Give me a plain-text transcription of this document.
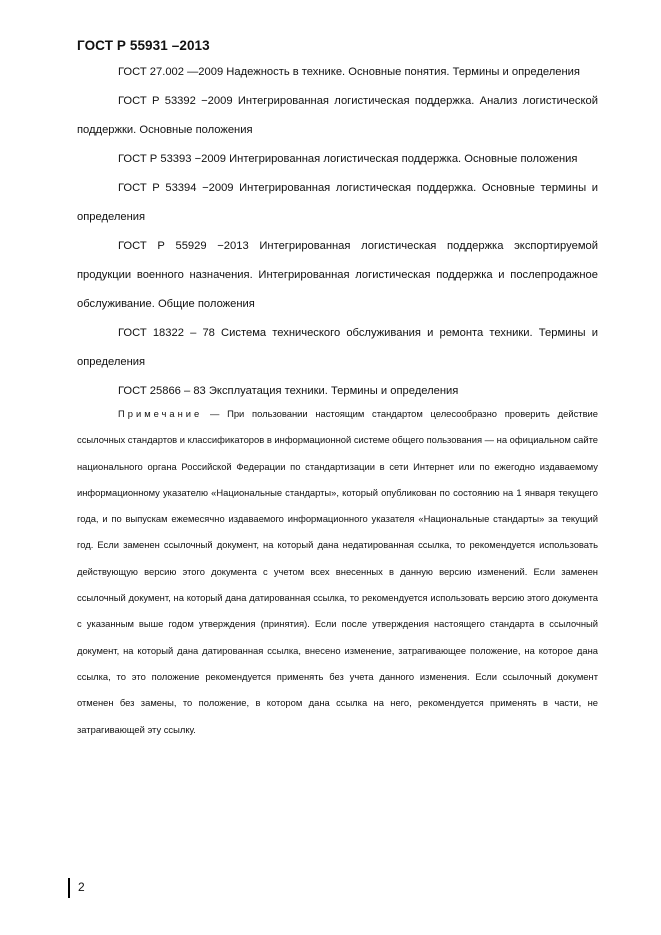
ГОСТ Р 55931 –2013

ГОСТ 27.002 —2009 Надежность в технике. Основные понятия. Термины и определения

ГОСТ Р 53392 −2009 Интегрированная логистическая поддержка. Анализ логистической поддержки. Основные положения

ГОСТ Р 53393 −2009 Интегрированная логистическая поддержка. Основные положения

ГОСТ Р 53394 −2009 Интегрированная логистическая поддержка. Основные термины и определения

ГОСТ Р 55929 −2013 Интегрированная логистическая поддержка экспортируемой продукции военного назначения. Интегрированная логистическая поддержка и послепродажное обслуживание. Общие положения

ГОСТ 18322 – 78 Система технического обслуживания и ремонта техники. Термины и определения

ГОСТ 25866 – 83 Эксплуатация техники. Термины и определения

Примечание — При пользовании настоящим стандартом целесообразно проверить действие ссылочных стандартов и классификаторов в информационной системе общего пользования — на официальном сайте национального органа Российской Федерации по стандартизации в сети Интернет или по ежегодно издаваемому информационному указателю «Национальные стандарты», который опубликован по состоянию на 1 января текущего года, и по выпускам ежемесячно издаваемого информационного указателя «Национальные стандарты» за текущий год. Если заменен ссылочный документ, на который дана недатированная ссылка, то рекомендуется использовать действующую версию этого документа с учетом всех внесенных в данную версию изменений. Если заменен ссылочный документ, на который дана датированная ссылка, то рекомендуется использовать версию этого документа с указанным выше годом утверждения (принятия). Если после утверждения настоящего стандарта в ссылочный документ, на который дана датированная ссылка, внесено изменение, затрагивающее положение, на которое дана ссылка, то это положение рекомендуется применять без учета данного изменения. Если ссылочный документ отменен без замены, то положение, в котором дана ссылка на него, рекомендуется применять в части, не затрагивающей эту ссылку.

2
